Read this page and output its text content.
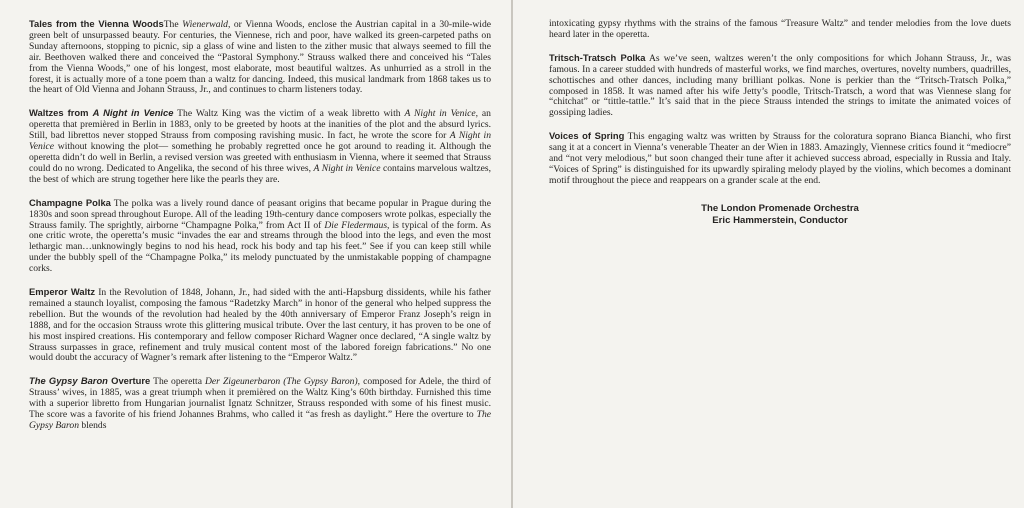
Tales from the Vienna WoodsThe Wienerwald, or Vienna Woods, enclose the Austrian capital in a 30-mile-wide green belt of unsurpassed beauty. For centuries, the Viennese, rich and poor, have walked its green-carpeted paths on Sunday afternoons, stopping to picnic, sip a glass of wine and listen to the zither music that always seemed to fill the air. Beethoven walked there and conceived the “Pastoral Symphony.” Strauss walked there and conceived his “Tales from the Vienna Woods,” one of his longest, most elaborate, most beautiful waltzes. As unhurried as a stroll in the forest, it is actually more of a tone poem than a waltz for dancing. Indeed, this musical landmark from 1868 takes us to the heart of Old Vienna and Johann Strauss, Jr., and continues to charm listeners today.

Waltzes from A Night in Venice The Waltz King was the victim of a weak libretto with A Night in Venice, an operetta that premièred in Berlin in 1883, only to be greeted by hoots at the inanities of the plot and the absurd lyrics. Still, bad librettos never stopped Strauss from composing ravishing music. In fact, he wrote the score for A Night in Venice without knowing the plot— something he probably regretted once he got around to reading it. Although the operetta didn’t do well in Berlin, a revised version was greeted with enthusiasm in Vienna, where it seemed that Strauss could do no wrong. Dedicated to Angelika, the second of his three wives, A Night in Venice contains marvelous waltzes, the best of which are strung together here like the pearls they are.

Champagne Polka The polka was a lively round dance of peasant origins that became popular in Prague during the 1830s and soon spread throughout Europe. All of the leading 19th-century dance composers wrote polkas, especially the Strauss family. The sprightly, airborne “Champagne Polka,” from Act II of Die Fledermaus, is typical of the form. As one critic wrote, the operetta’s music “invades the ear and streams through the blood into the legs, and even the most lethargic man…unknowingly begins to nod his head, rock his body and tap his feet.” See if you can keep still while under the bubbly spell of the “Champagne Polka,” its melody punctuated by the unmistakable popping of champagne corks.

Emperor Waltz In the Revolution of 1848, Johann, Jr., had sided with the anti-Hapsburg dissidents, while his father remained a staunch loyalist, composing the famous “Radetzky March” in honor of the general who helped suppress the rebellion. But the wounds of the revolution had healed by the 40th anniversary of Emperor Franz Joseph’s reign in 1888, and for the occasion Strauss wrote this glittering musical tribute. Over the last century, it has proven to be one of his most inspired creations. His contemporary and fellow composer Richard Wagner once declared, “A single waltz by Strauss surpasses in grace, refinement and truly musical content most of the labored foreign fabrications.” No one would doubt the accuracy of Wagner’s remark after listening to the “Emperor Waltz.”

The Gypsy Baron Overture The operetta Der Zigeunerbaron (The Gypsy Baron), composed for Adele, the third of Strauss’ wives, in 1885, was a great triumph when it premièred on the Waltz King’s 60th birthday. Furnished this time with a superior libretto from Hungarian journalist Ignatz Schnitzer, Strauss responded with some of his finest music. The score was a favorite of his friend Johannes Brahms, who called it “as fresh as daylight.” Here the overture to The Gypsy Baron blends

intoxicating gypsy rhythms with the strains of the famous “Treasure Waltz” and tender melodies from the love duets heard later in the operetta.

Tritsch-Tratsch Polka As we’ve seen, waltzes weren’t the only compositions for which Johann Strauss, Jr., was famous. In a career studded with hundreds of masterful works, we find marches, overtures, novelty numbers, quadrilles, schottisches and other dances, including many brilliant polkas. None is perkier than the “Tritsch-Tratsch Polka,” composed in 1858. It was named after his wife Jetty’s poodle, Tritsch-Tratsch, a word that was Viennese slang for “chitchat” or “tittle-tattle.” It’s said that in the piece Strauss intended the strings to imitate the animated voices of gossiping ladies.

Voices of Spring This engaging waltz was written by Strauss for the coloratura soprano Bianca Bianchi, who first sang it at a concert in Vienna’s venerable Theater an der Wien in 1883. Amazingly, Viennese critics found it “mediocre” and “not very melodious,” but soon changed their tune after it achieved success abroad, especially in Russia and Italy. “Voices of Spring” is distinguished for its upwardly spiraling melody played by the violins, which becomes a dominant motif throughout the piece and reappears on a grander scale at the end.

The London Promenade Orchestra
Eric Hammerstein, Conductor
